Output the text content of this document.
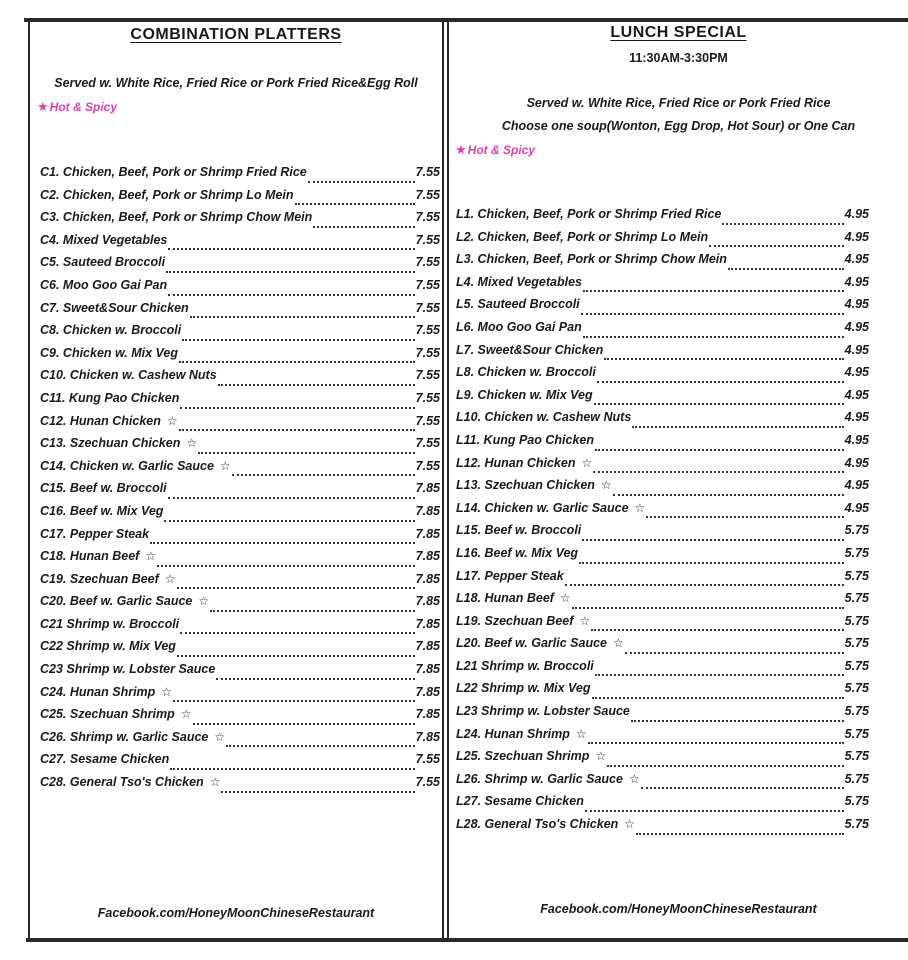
COMBINATION PLATTERS
Served w. White Rice, Fried Rice or Pork Fried Rice&Egg Roll
★ Hot & Spicy
C1. Chicken, Beef, Pork or Shrimp Fried Rice	7.55
C2. Chicken, Beef, Pork or Shrimp Lo Mein	7.55
C3. Chicken, Beef, Pork or Shrimp Chow Mein	7.55
C4. Mixed Vegetables	7.55
C5. Sauteed Broccoli	7.55
C6. Moo Goo Gai Pan	7.55
C7. Sweet&Sour Chicken	7.55
C8. Chicken w. Broccoli	7.55
C9. Chicken w. Mix Veg	7.55
C10. Chicken w. Cashew Nuts	7.55
C11. Kung Pao Chicken	7.55
C12. Hunan Chicken ☆	7.55
C13. Szechuan Chicken ☆	7.55
C14. Chicken w. Garlic Sauce ☆	7.55
C15. Beef w. Broccoli	7.85
C16. Beef w. Mix Veg	7.85
C17. Pepper Steak	7.85
C18. Hunan Beef ☆	7.85
C19. Szechuan Beef ☆	7.85
C20. Beef w. Garlic Sauce ☆	7.85
C21 Shrimp w. Broccoli	7.85
C22 Shrimp w. Mix Veg	7.85
C23 Shrimp w. Lobster Sauce	7.85
C24. Hunan Shrimp ☆	7.85
C25. Szechuan Shrimp ☆	7.85
C26. Shrimp w. Garlic Sauce ☆	7.85
C27. Sesame Chicken	7.55
C28. General Tso's Chicken ☆	7.55
Facebook.com/HoneyMoonChineseRestaurant
LUNCH SPECIAL
11:30AM-3:30PM
Served w. White Rice, Fried Rice or Pork Fried Rice
Choose one soup(Wonton, Egg Drop, Hot Sour) or One Can
★ Hot & Spicy
L1. Chicken, Beef, Pork or Shrimp Fried Rice	4.95
L2. Chicken, Beef, Pork or Shrimp Lo Mein	4.95
L3. Chicken, Beef, Pork or Shrimp Chow Mein	4.95
L4. Mixed Vegetables	4.95
L5. Sauteed Broccoli	4.95
L6. Moo Goo Gai Pan	4.95
L7. Sweet&Sour Chicken	4.95
L8. Chicken w. Broccoli	4.95
L9. Chicken w. Mix Veg	4.95
L10. Chicken w. Cashew Nuts	4.95
L11. Kung Pao Chicken	4.95
L12. Hunan Chicken ☆	4.95
L13. Szechuan Chicken ☆	4.95
L14. Chicken w. Garlic Sauce ☆	4.95
L15. Beef w. Broccoli	5.75
L16. Beef w. Mix Veg	5.75
L17. Pepper Steak	5.75
L18. Hunan Beef ☆	5.75
L19. Szechuan Beef ☆	5.75
L20. Beef w. Garlic Sauce ☆	5.75
L21 Shrimp w. Broccoli	5.75
L22 Shrimp w. Mix Veg	5.75
L23 Shrimp w. Lobster Sauce	5.75
L24. Hunan Shrimp ☆	5.75
L25. Szechuan Shrimp ☆	5.75
L26. Shrimp w. Garlic Sauce ☆	5.75
L27. Sesame Chicken	5.75
L28. General Tso's Chicken ☆	5.75
Facebook.com/HoneyMoonChineseRestaurant
